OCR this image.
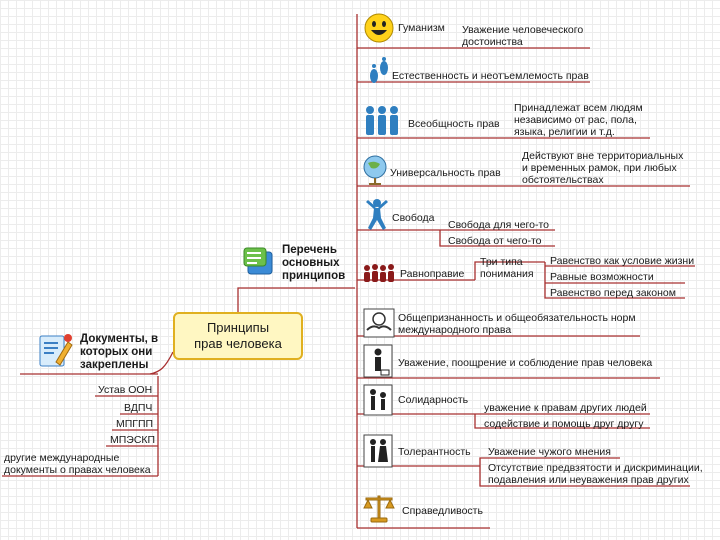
Принципы
прав человека
Перечень
основных
принципов
Документы, в
которых они
закреплены
Устав ООН
ВДПЧ
МПГПП
МПЭСКП
другие международные
документы о правах человека
Гуманизм Уважение человеческого
достоинства
Естественность и неотъемлемость прав
Всеобщность прав
Принадлежат всем людям
независимо от рас, пола,
языка, религии и т.д.
Универсальность прав
Действуют вне территориальных
и временных рамок, при любых
обстоятельствах
Свобода
Свобода для чего-то
Свобода от чего-то
Равноправие
Три типа
понимания
Равенство как условие жизни
Равные возможности
Равенство перед законом
Общепризнанность и общеобязательность норм
международного права
Уважение, поощрение и соблюдение прав человека
Солидарность
уважение к правам других людей
содействие и помощь друг другу
Толерантность Уважение чужого мнения
Отсутствие предвзятости и дискриминации,
подавления или неуважения прав других
Справедливость
